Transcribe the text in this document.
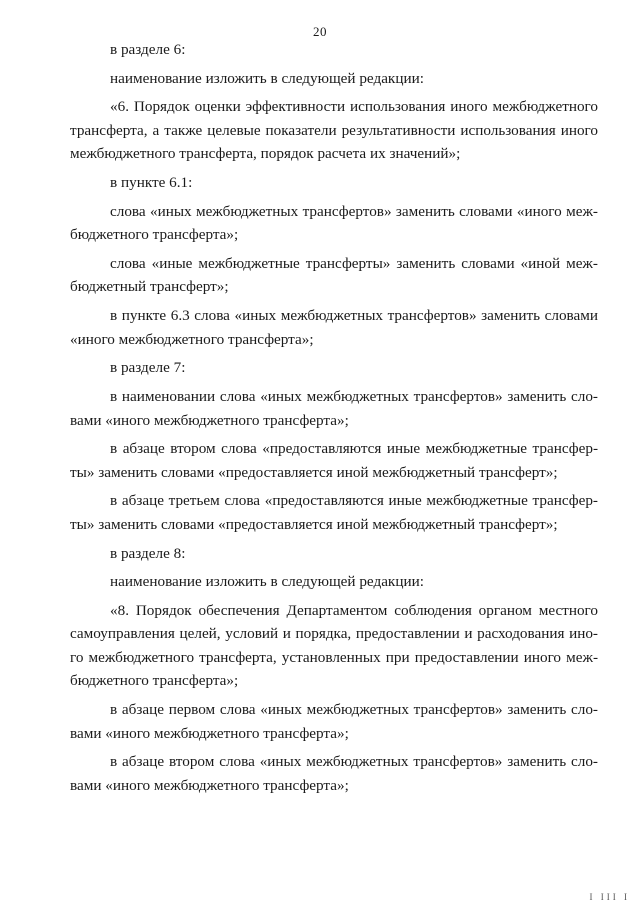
20

в разделе 6:

наименование изложить в следующей редакции:

«6. Порядок оценки эффективности использования иного межбюджетного трансферта, а также целевые показатели результативности использования иного межбюджетного трансферта, порядок расчета их значений»;

в пункте 6.1:

слова «иных межбюджетных трансфертов» заменить словами «иного меж-бюджетного трансферта»;

слова «иные межбюджетные трансферты» заменить словами «иной меж-бюджетный трансферт»;

в пункте 6.3 слова «иных межбюджетных трансфертов» заменить словами «иного межбюджетного трансферта»;

в разделе 7:

в наименовании слова «иных межбюджетных трансфертов» заменить сло-вами «иного межбюджетного трансферта»;

в абзаце втором слова «предоставляются иные межбюджетные трансфер-ты» заменить словами «предоставляется иной межбюджетный трансферт»;

в абзаце третьем слова «предоставляются иные межбюджетные трансфер-ты» заменить словами «предоставляется иной межбюджетный трансферт»;

в разделе 8:

наименование изложить в следующей редакции:

«8. Порядок обеспечения Департаментом соблюдения органом местного самоуправления целей, условий и порядка, предоставлении и расходования ино-го межбюджетного трансферта, установленных при предоставлении иного меж-бюджетного трансферта»;

в абзаце первом слова «иных межбюджетных трансфертов» заменить сло-вами «иного межбюджетного трансферта»;

в абзаце втором слова «иных межбюджетных трансфертов» заменить сло-вами «иного межбюджетного трансферта»;

I III I
